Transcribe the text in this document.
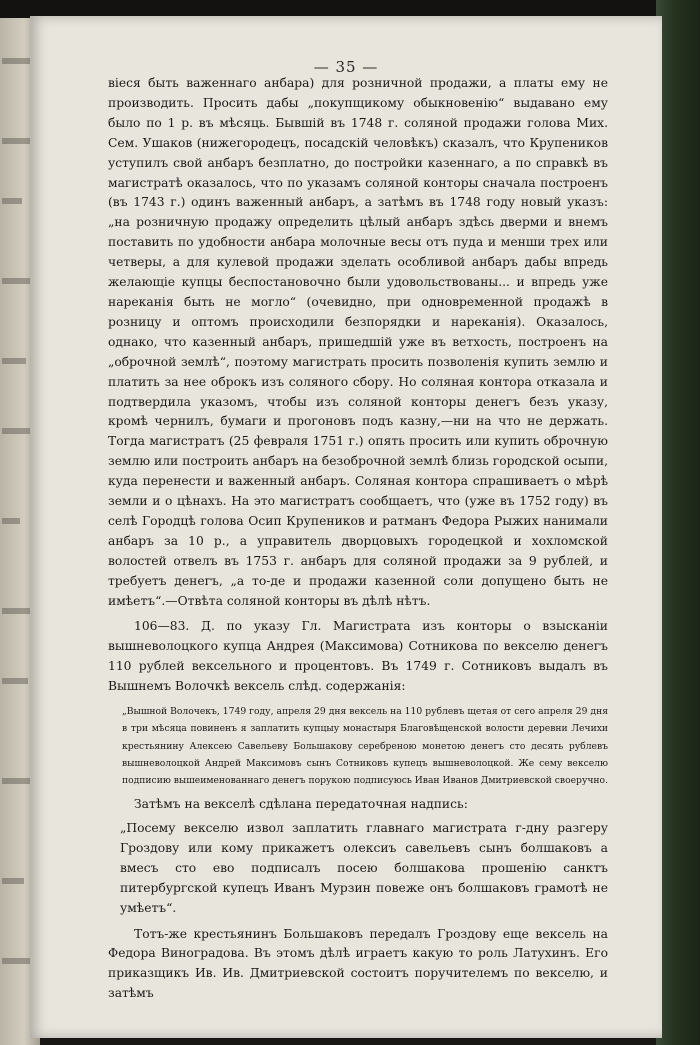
— 35 —

віеся быть важеннаго анбара) для розничной продажи, а платы ему не производить. Просить дабы „покупщикому обыкновенію“ выдавано ему было по 1 р. въ мѣсяць. Бывшій въ 1748 г. соляной продажи голова Мих. Сем. Ушаков (нижегородецъ, посадскій человѣкъ) сказалъ, что Крупеников уступилъ свой анбаръ безплатно, до постройки казеннаго, а по справкѣ въ магистратѣ оказалось, что по указамъ соляной конторы сначала построенъ (въ 1743 г.) одинъ важенный анбаръ, а затѣмъ въ 1748 году новый указъ: „на розничную продажу определить цѣлый анбаръ здѣсь дверми и внемъ поставить по удобности анбара молочные весы отъ пуда и менши трех или четверы, а для кулевой продажи зделать особливой анбаръ дабы впредь желающіе купцы беспостановочно были удовольствованы... и впредь уже нареканія быть не могло“ (очевидно, при одновременной продажѣ в розницу и оптомъ происходили безпорядки и нареканія). Оказалось, однако, что казенный анбаръ, пришедшій уже въ ветхость, построенъ на „оброчной землѣ“, поэтому магистрать просить позволенія купить землю и платить за нее оброкъ изъ соляного сбору. Но соляная контора отказала и подтвердила указомъ, чтобы изъ соляной конторы денегъ безъ указу, кромѣ чернилъ, бумаги и прогоновъ подъ казну,—ни на что не держать. Тогда магистратъ (25 февраля 1751 г.) опять просить или купить оброчную землю или построить анбаръ на безоброчной землѣ близь городской осыпи, куда перенести и важенный анбаръ. Соляная контора спрашиваетъ о мѣрѣ земли и о цѣнахъ. На это магистратъ сообщаетъ, что (уже въ 1752 году) въ селѣ Городцѣ голова Осип Крупеников и ратманъ Федора Рыжих нанимали анбаръ за 10 р., а управитель дворцовыхъ городецкой и хохломской волостей отвелъ въ 1753 г. анбаръ для соляной продажи за 9 рублей, и требуетъ денегъ, „а то-де и продажи казенной соли допущено быть не имѣетъ“.—Отвѣта соляной конторы въ дѣлѣ нѣтъ.

106—83. Д. по указу Гл. Магистрата изъ конторы о взысканіи вышневолоцкого купца Андрея (Максимова) Сотникова по векселю денегъ 110 рублей вексельного и процентовъ. Въ 1749 г. Сотниковъ выдалъ въ Вышнемъ Волочкѣ вексель слѣд. содержанія:

„Вышной Волочекъ, 1749 году, апреля 29 дня вексель на 110 рублевъ щетая от сего апреля 29 дня в три мѣсяца повиненъ я заплатить купцыу монастыря Благовѣщенской волости деревни Лечихи крестьянину Алексею Савельеву Большакову серебреною монетою денегъ сто десять рублевъ вышневолоцкой Андрей Максимовъ сынъ Сотниковъ купецъ вышневолоцкой. Же сему векселю подписию вышеименованнаго денегъ порукою подписуюсь Иван Иванов Дмитриевской своеручно.

Затѣмъ на векселѣ сдѣлана передаточная надпись:

„Посему векселю извол заплатить главнаго магистрата г-дну разгеру Гроздову или кому прикажетъ олексиъ савельевъ сынъ болшаковъ а вмесъ сто ево подписалъ посею болшакова прошенію санктъ питербургской купецъ Иванъ Мурзин повеже онъ болшаковъ грамотѣ не умѣетъ“.

Тотъ-же крестьянинъ Большаковъ передалъ Гроздову еще вексель на Федора Виноградова. Въ этомъ дѣлѣ играетъ какую то роль Латухинъ. Его приказщикъ Ив. Ив. Дмитриевской состоитъ поручителемъ по векселю, и затѣмъ
